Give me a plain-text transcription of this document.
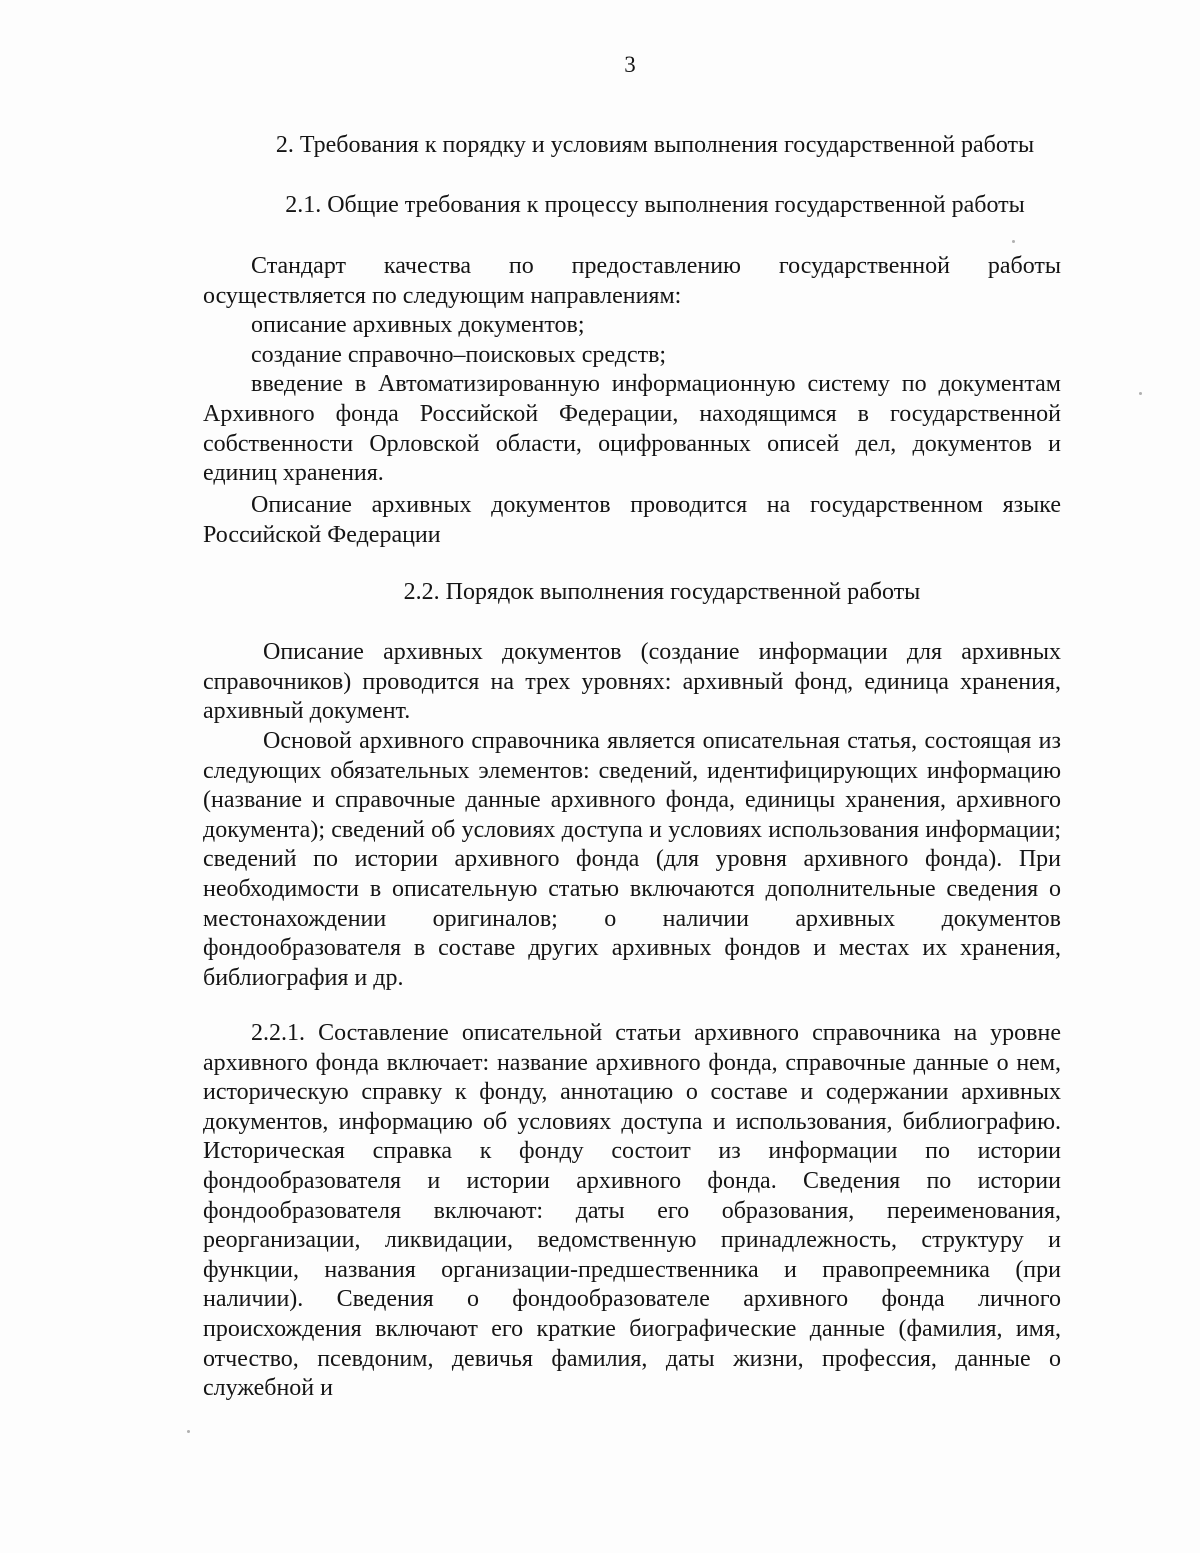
3
2. Требования к порядку и условиям выполнения государственной работы
2.1. Общие требования к процессу выполнения государственной работы

Стандарт качества по предоставлению государственной работы осуществляется по следующим направлениям:

описание архивных документов;

создание справочно–поисковых средств;

введение в Автоматизированную информационную систему по документам Архивного фонда Российской Федерации, находящимся в государственной собственности Орловской области, оцифрованных описей дел, документов и единиц хранения.

Описание архивных документов проводится на государственном языке Российской Федерации

2.2. Порядок выполнения государственной работы

Описание архивных документов (создание информации для архивных справочников) проводится на трех уровнях: архивный фонд, единица хранения, архивный документ.

Основой архивного справочника является описательная статья, состоящая из следующих обязательных элементов: сведений, идентифицирующих информацию (название и справочные данные архивного фонда, единицы хранения, архивного документа); сведений об условиях доступа и условиях использования информации; сведений по истории архивного фонда (для уровня архивного фонда). При необходимости в описательную статью включаются дополнительные сведения о местонахождении оригиналов; о наличии архивных документов фондообразователя в составе других архивных фондов и местах их хранения, библиография и др.

2.2.1. Составление описательной статьи архивного справочника на уровне архивного фонда включает: название архивного фонда, справочные данные о нем, историческую справку к фонду, аннотацию о составе и содержании архивных документов, информацию об условиях доступа и использования, библиографию. Историческая справка к фонду состоит из информации по истории фондообразователя и истории архивного фонда. Сведения по истории фондообразователя включают: даты его образования, переименования, реорганизации, ликвидации, ведомственную принадлежность, структуру и функции, названия организации-предшественника и правопреемника (при наличии). Сведения о фондообразователе архивного фонда личного происхождения включают его краткие биографические данные (фамилия, имя, отчество, псевдоним, девичья фамилия, даты жизни, профессия, данные о служебной и
